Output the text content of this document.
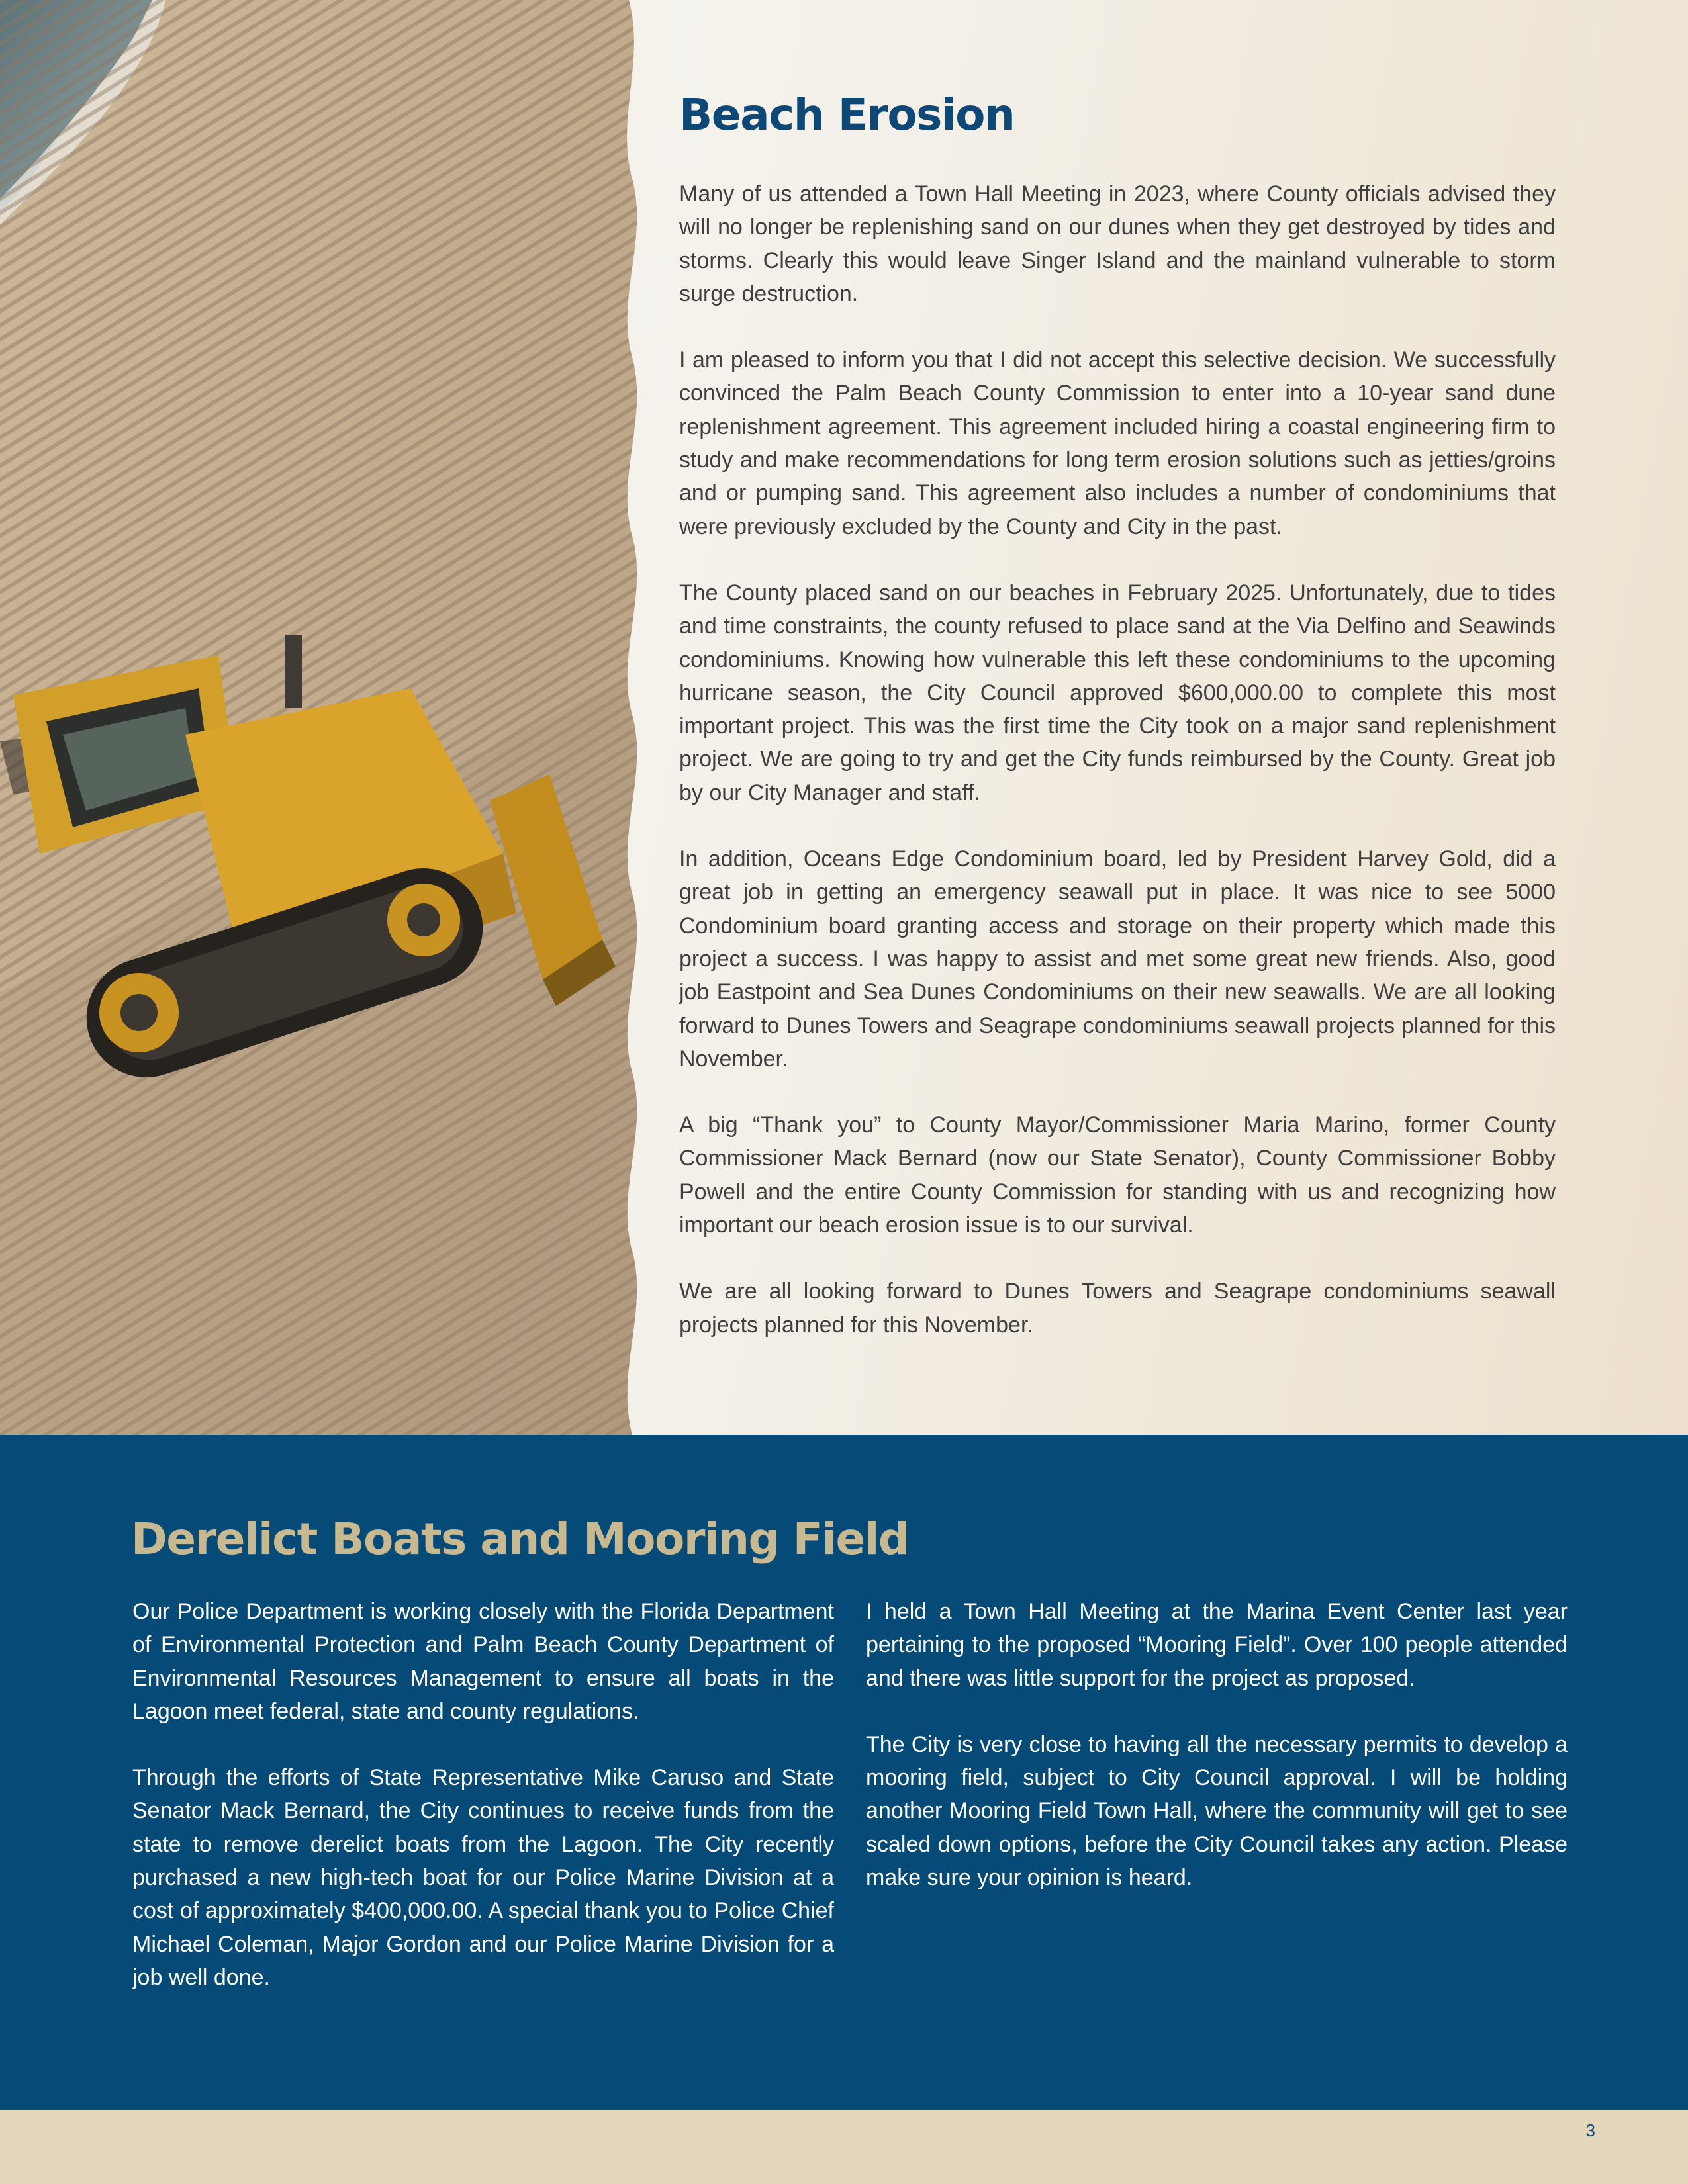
Beach Erosion

Many of us attended a Town Hall Meeting in 2023, where County officials advised they will no longer be replenishing sand on our dunes when they get destroyed by tides and storms. Clearly this would leave Singer Island and the mainland vulnerable to storm surge destruction.

I am pleased to inform you that I did not accept this selective decision. We successfully convinced the Palm Beach County Commission to enter into a 10-year sand dune replenishment agreement. This agreement included hiring a coastal engineering firm to study and make recommendations for long term erosion solutions such as jetties/groins and or pumping sand. This agreement also includes a number of condominiums that were previously excluded by the County and City in the past.

The County placed sand on our beaches in February 2025. Unfortunately, due to tides and time constraints, the county refused to place sand at the Via Delfino and Seawinds condominiums. Knowing how vulnerable this left these condominiums to the upcoming hurricane season, the City Council approved $600,000.00 to complete this most important project. This was the first time the City took on a major sand replenishment project. We are going to try and get the City funds reimbursed by the County. Great job by our City Manager and staff.

In addition, Oceans Edge Condominium board, led by President Harvey Gold, did a great job in getting an emergency seawall put in place. It was nice to see 5000 Condominium board granting access and storage on their property which made this project a success. I was happy to assist and met some great new friends. Also, good job Eastpoint and Sea Dunes Condominiums on their new seawalls. We are all looking forward to Dunes Towers and Seagrape condominiums seawall projects planned for this November.

A big “Thank you” to County Mayor/Commissioner Maria Marino, former County Commissioner Mack Bernard (now our State Senator), County Commissioner Bobby Powell and the entire County Commission for standing with us and recognizing how important our beach erosion issue is to our survival.

We are all looking forward to Dunes Towers and Seagrape condominiums seawall projects planned for this November.

Derelict Boats and Mooring Field

Our Police Department is working closely with the Florida Department of Environmental Protection and Palm Beach County Department of Environmental Resources Management to ensure all boats in the Lagoon meet federal, state and county regulations.

Through the efforts of State Representative Mike Caruso and State Senator Mack Bernard, the City continues to receive funds from the state to remove derelict boats from the Lagoon. The City recently purchased a new high-tech boat for our Police Marine Division at a cost of approximately $400,000.00. A special thank you to Police Chief Michael Coleman, Major Gordon and our Police Marine Division for a job well done.

I held a Town Hall Meeting at the Marina Event Center last year pertaining to the proposed “Mooring Field”. Over 100 people attended and there was little support for the project as proposed.

The City is very close to having all the necessary permits to develop a mooring field, subject to City Council approval. I will be holding another Mooring Field Town Hall, where the community will get to see scaled down options, before the City Council takes any action. Please make sure your opinion is heard.

3
